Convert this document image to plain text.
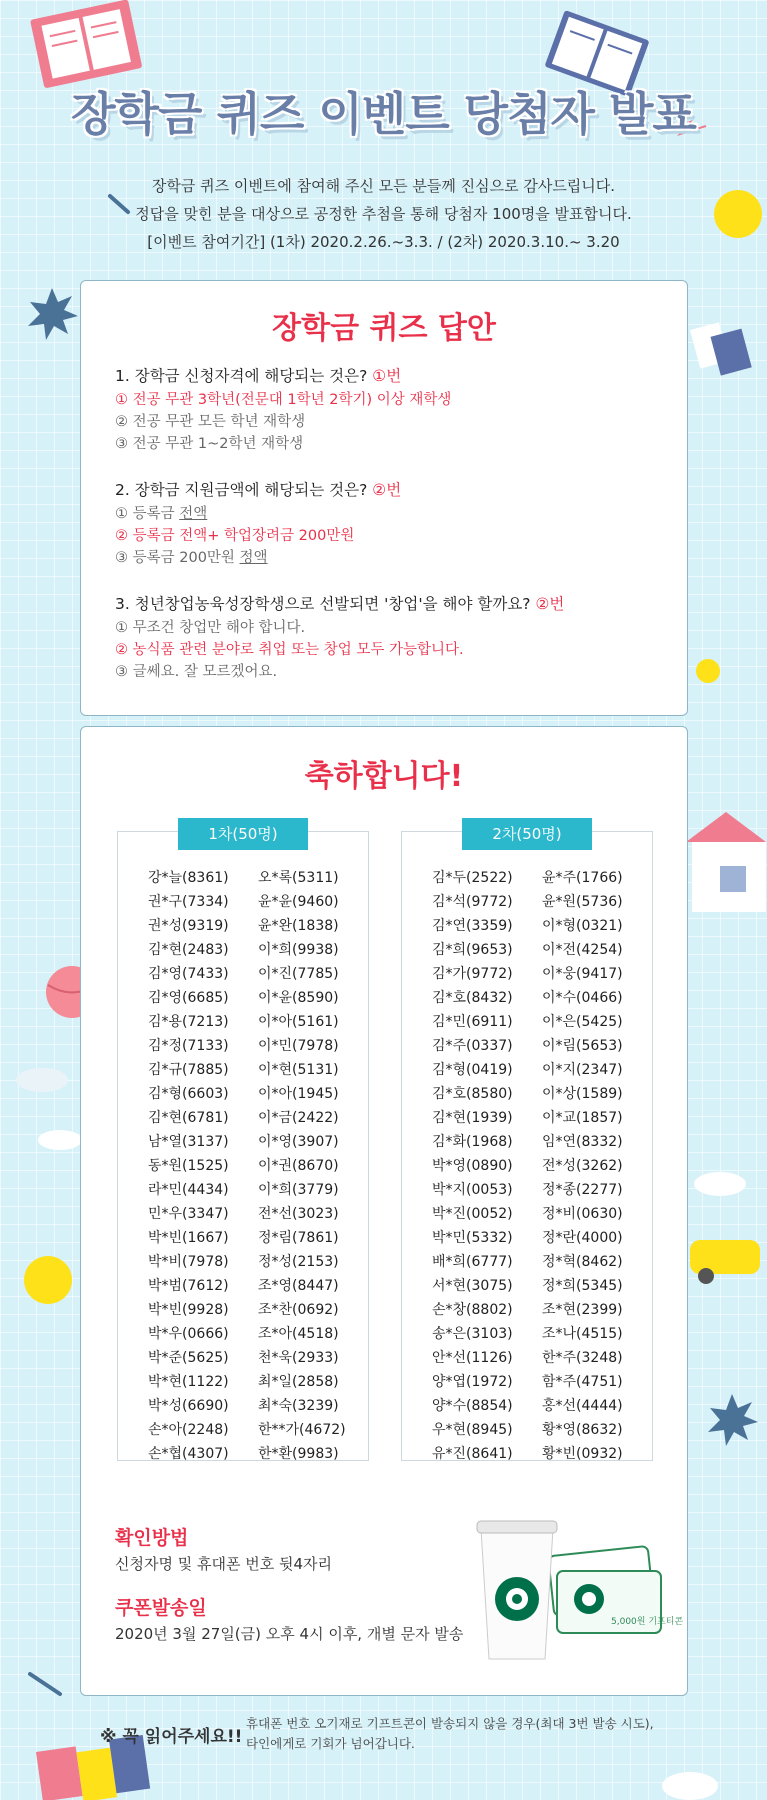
장학금 퀴즈 이벤트 당첨자 발표
장학금 퀴즈 이벤트에 참여해 주신 모든 분들께 진심으로 감사드립니다.
정답을 맞힌 분을 대상으로 공정한 추첨을 통해 당첨자 100명을 발표합니다.
[이벤트 참여기간] (1차) 2020.2.26.~3.3. / (2차) 2020.3.10.~ 3.20
장학금 퀴즈 답안
1. 장학금 신청자격에 해당되는 것은? ①번
① 전공 무관 3학년(전문대 1학년 2학기) 이상 재학생
② 전공 무관 모든 학년 재학생
③ 전공 무관 1~2학년 재학생
2. 장학금 지원금액에 해당되는 것은? ②번
① 등록금 전액
② 등록금 전액+ 학업장려금 200만원
③ 등록금 200만원 정액
3. 청년창업농육성장학생으로 선발되면 '창업'을 해야 할까요? ②번
① 무조건 창업만 해야 합니다.
② 농식품 관련 분야로 취업 또는 창업 모두 가능합니다.
③ 글쎄요. 잘 모르겠어요.
축하합니다!
1차(50명)
강*늘(8361)
권*구(7334)
권*성(9319)
김*현(2483)
김*영(7433)
김*영(6685)
김*용(7213)
김*정(7133)
김*규(7885)
김*형(6603)
김*현(6781)
남*열(3137)
동*원(1525)
라*민(4434)
민*우(3347)
박*빈(1667)
박*비(7978)
박*범(7612)
박*빈(9928)
박*우(0666)
박*준(5625)
박*현(1122)
박*성(6690)
손*아(2248)
손*협(4307)
오*록(5311)
윤*윤(9460)
윤*완(1838)
이*희(9938)
이*진(7785)
이*윤(8590)
이*아(5161)
이*민(7978)
이*현(5131)
이*아(1945)
이*금(2422)
이*영(3907)
이*권(8670)
이*희(3779)
전*선(3023)
정*림(7861)
정*성(2153)
조*영(8447)
조*찬(0692)
조*아(4518)
천*욱(2933)
최*일(2858)
최*숙(3239)
한**가(4672)
한*환(9983)
2차(50명)
김*두(2522)
김*석(9772)
김*연(3359)
김*희(9653)
김*가(9772)
김*호(8432)
김*민(6911)
김*주(0337)
김*형(0419)
김*호(8580)
김*현(1939)
김*화(1968)
박*영(0890)
박*지(0053)
박*진(0052)
박*민(5332)
배*희(6777)
서*현(3075)
손*창(8802)
송*은(3103)
안*선(1126)
양*엽(1972)
양*수(8854)
우*현(8945)
유*진(8641)
윤*주(1766)
윤*원(5736)
이*형(0321)
이*전(4254)
이*웅(9417)
이*수(0466)
이*은(5425)
이*림(5653)
이*지(2347)
이*상(1589)
이*교(1857)
임*연(8332)
전*성(3262)
정*종(2277)
정*비(0630)
정*란(4000)
정*혁(8462)
정*희(5345)
조*현(2399)
조*나(4515)
한*주(3248)
함*주(4751)
홍*선(4444)
황*영(8632)
황*빈(0932)
확인방법
신청자명 및 휴대폰 번호 뒷4자리
쿠폰발송일
2020년 3월 27일(금) 오후 4시 이후, 개별 문자 발송
5,000원 기프티콘
※ 꼭 읽어주세요!!
휴대폰 번호 오기재로 기프트콘이 발송되지 않을 경우(최대 3번 발송 시도),
타인에게로 기회가 넘어갑니다.
